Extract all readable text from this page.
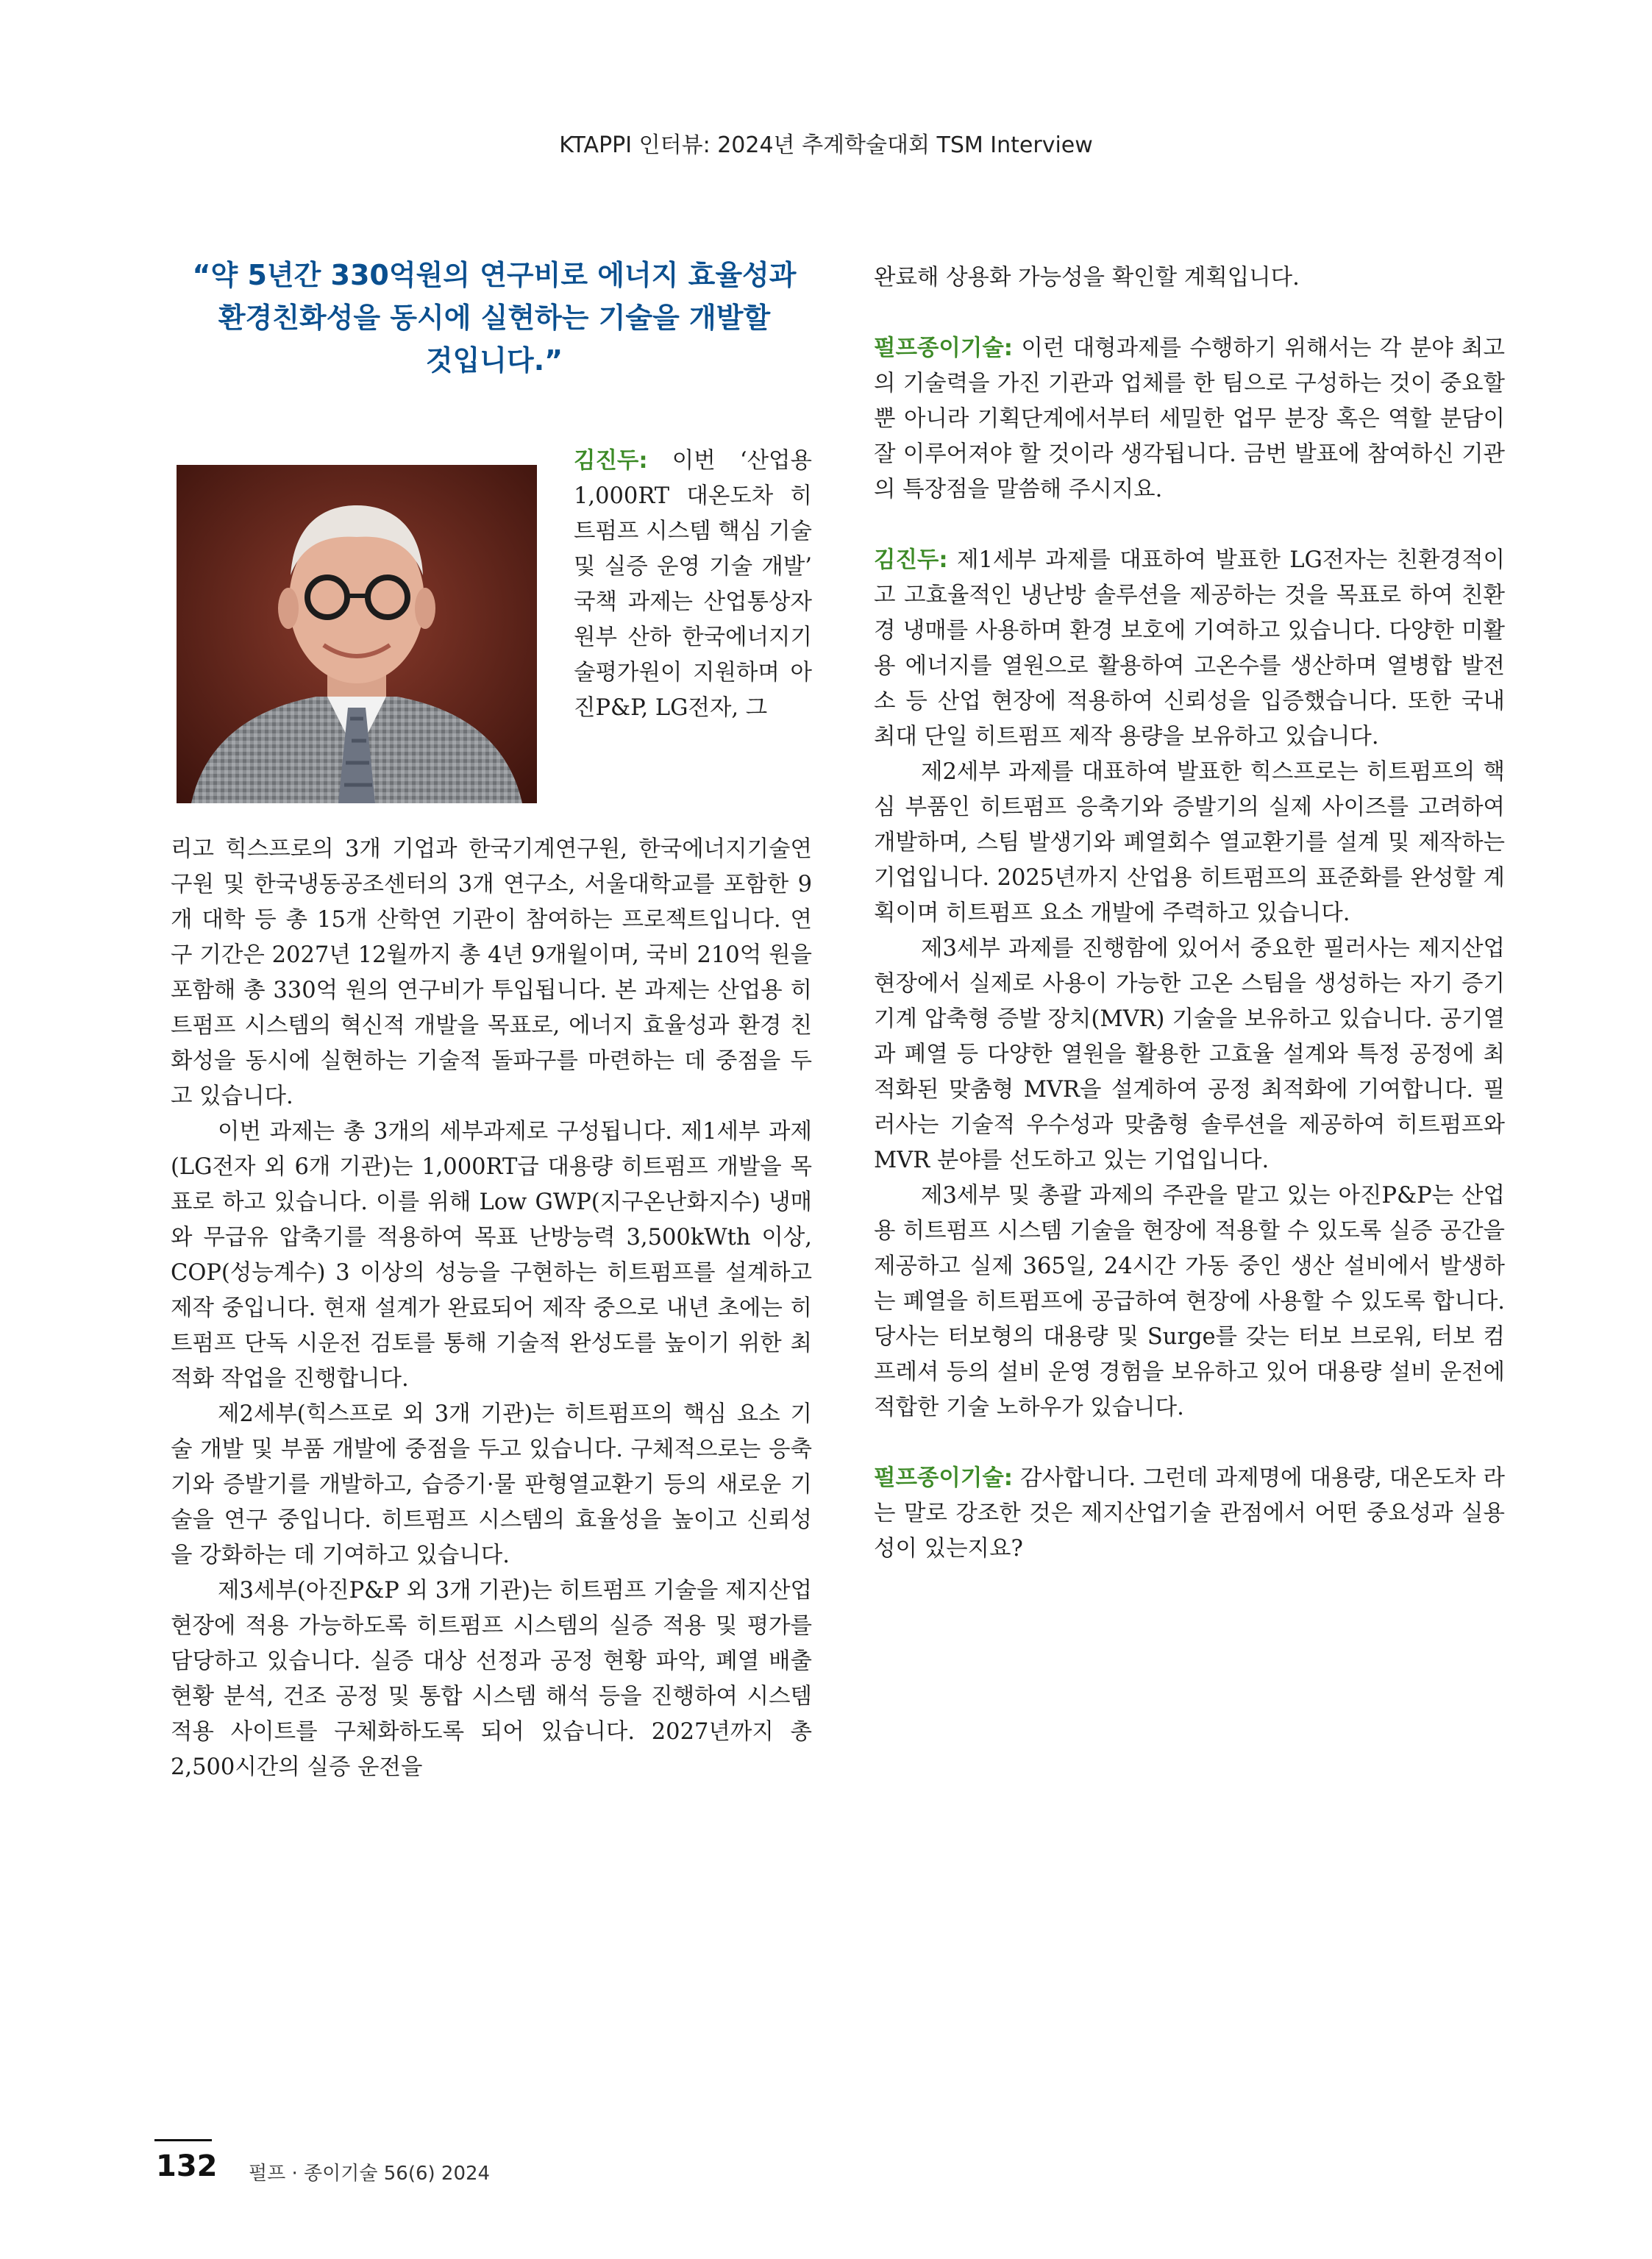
KTAPPI 인터뷰: 2024년 추계학술대회 TSM Interview
“약 5년간 330억원의 연구비로 에너지 효율성과
환경친화성을 동시에 실현하는 기술을 개발할
것입니다.”

김진두: 이번 ‘산업용 1,000RT 대온도차 히트펌프 시스템 핵심 기술 및 실증 운영 기술 개발’ 국책 과제는 산업통상자원부 산하 한국에너지기술평가원이 지원하며 아진P&P, LG전자, 그

리고 힉스프로의 3개 기업과 한국기계연구원, 한국에너지기술연구원 및 한국냉동공조센터의 3개 연구소, 서울대학교를 포함한 9개 대학 등 총 15개 산학연 기관이 참여하는 프로젝트입니다. 연구 기간은 2027년 12월까지 총 4년 9개월이며, 국비 210억 원을 포함해 총 330억 원의 연구비가 투입됩니다. 본 과제는 산업용 히트펌프 시스템의 혁신적 개발을 목표로, 에너지 효율성과 환경 친화성을 동시에 실현하는 기술적 돌파구를 마련하는 데 중점을 두고 있습니다.

이번 과제는 총 3개의 세부과제로 구성됩니다. 제1세부 과제(LG전자 외 6개 기관)는 1,000RT급 대용량 히트펌프 개발을 목표로 하고 있습니다. 이를 위해 Low GWP(지구온난화지수) 냉매와 무급유 압축기를 적용하여 목표 난방능력 3,500kWth 이상, COP(성능계수) 3 이상의 성능을 구현하는 히트펌프를 설계하고 제작 중입니다. 현재 설계가 완료되어 제작 중으로 내년 초에는 히트펌프 단독 시운전 검토를 통해 기술적 완성도를 높이기 위한 최적화 작업을 진행합니다.

제2세부(힉스프로 외 3개 기관)는 히트펌프의 핵심 요소 기술 개발 및 부품 개발에 중점을 두고 있습니다. 구체적으로는 응축기와 증발기를 개발하고, 습증기·물 판형열교환기 등의 새로운 기술을 연구 중입니다. 히트펌프 시스템의 효율성을 높이고 신뢰성을 강화하는 데 기여하고 있습니다.

제3세부(아진P&P 외 3개 기관)는 히트펌프 기술을 제지산업 현장에 적용 가능하도록 히트펌프 시스템의 실증 적용 및 평가를 담당하고 있습니다. 실증 대상 선정과 공정 현황 파악, 폐열 배출 현황 분석, 건조 공정 및 통합 시스템 해석 등을 진행하여 시스템 적용 사이트를 구체화하도록 되어 있습니다. 2027년까지 총 2,500시간의 실증 운전을

완료해 상용화 가능성을 확인할 계획입니다.

펄프종이기술: 이런 대형과제를 수행하기 위해서는 각 분야 최고의 기술력을 가진 기관과 업체를 한 팀으로 구성하는 것이 중요할 뿐 아니라 기획단계에서부터 세밀한 업무 분장 혹은 역할 분담이 잘 이루어져야 할 것이라 생각됩니다. 금번 발표에 참여하신 기관의 특장점을 말씀해 주시지요.

김진두: 제1세부 과제를 대표하여 발표한 LG전자는 친환경적이고 고효율적인 냉난방 솔루션을 제공하는 것을 목표로 하여 친환경 냉매를 사용하며 환경 보호에 기여하고 있습니다. 다양한 미활용 에너지를 열원으로 활용하여 고온수를 생산하며 열병합 발전소 등 산업 현장에 적용하여 신뢰성을 입증했습니다. 또한 국내 최대 단일 히트펌프 제작 용량을 보유하고 있습니다.

제2세부 과제를 대표하여 발표한 힉스프로는 히트펌프의 핵심 부품인 히트펌프 응축기와 증발기의 실제 사이즈를 고려하여 개발하며, 스팀 발생기와 폐열회수 열교환기를 설계 및 제작하는 기업입니다. 2025년까지 산업용 히트펌프의 표준화를 완성할 계획이며 히트펌프 요소 개발에 주력하고 있습니다.

제3세부 과제를 진행함에 있어서 중요한 필러사는 제지산업 현장에서 실제로 사용이 가능한 고온 스팀을 생성하는 자기 증기 기계 압축형 증발 장치(MVR) 기술을 보유하고 있습니다. 공기열과 폐열 등 다양한 열원을 활용한 고효율 설계와 특정 공정에 최적화된 맞춤형 MVR을 설계하여 공정 최적화에 기여합니다. 필러사는 기술적 우수성과 맞춤형 솔루션을 제공하여 히트펌프와 MVR 분야를 선도하고 있는 기업입니다.

제3세부 및 총괄 과제의 주관을 맡고 있는 아진P&P는 산업용 히트펌프 시스템 기술을 현장에 적용할 수 있도록 실증 공간을 제공하고 실제 365일, 24시간 가동 중인 생산 설비에서 발생하는 폐열을 히트펌프에 공급하여 현장에 사용할 수 있도록 합니다. 당사는 터보형의 대용량 및 Surge를 갖는 터보 브로워, 터보 컴프레셔 등의 설비 운영 경험을 보유하고 있어 대용량 설비 운전에 적합한 기술 노하우가 있습니다.

펄프종이기술: 감사합니다. 그런데 과제명에 대용량, 대온도차 라는 말로 강조한 것은 제지산업기술 관점에서 어떤 중요성과 실용성이 있는지요?

132 펄프 · 종이기술 56(6) 2024
